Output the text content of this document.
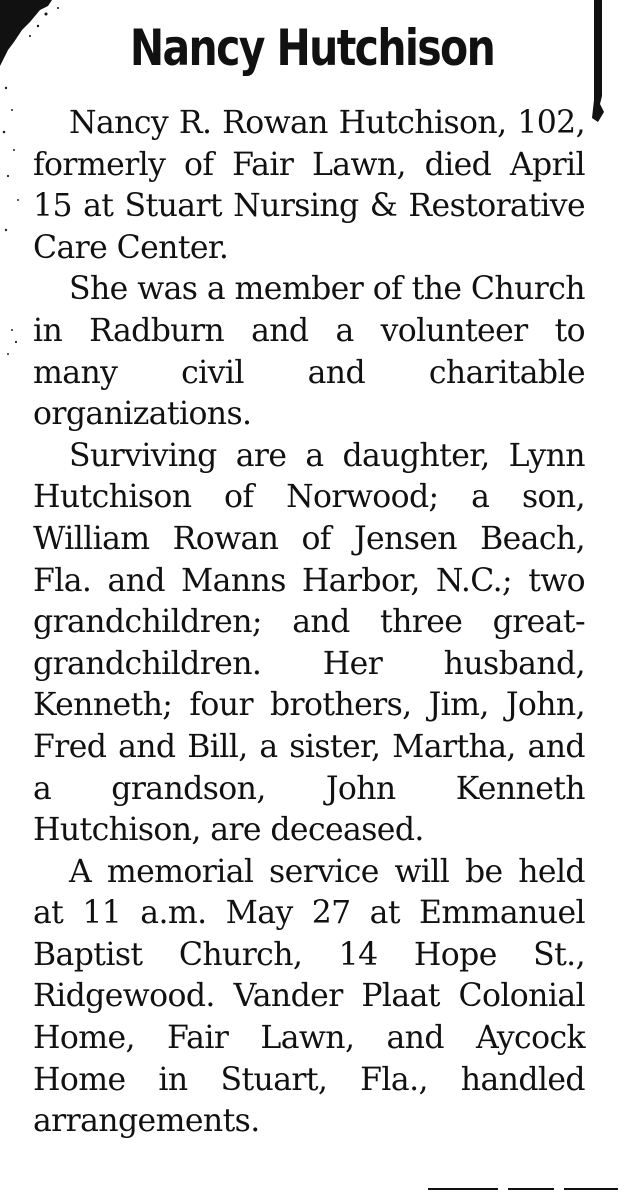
Nancy Hutchison

Nancy R. Rowan Hutchison, 102, formerly of Fair Lawn, died April 15 at Stuart Nursing & Restorative Care Center.

She was a member of the Church in Radburn and a volunteer to many civil and charitable organizations.

Surviving are a daughter, Lynn Hutchison of Norwood; a son, William Rowan of Jensen Beach, Fla. and Manns Harbor, N.C.; two grandchildren; and three great-grandchildren. Her husband, Kenneth; four brothers, Jim, John, Fred and Bill, a sister, Martha, and a grandson, John Kenneth Hutchison, are deceased.

A memorial service will be held at 11 a.m. May 27 at Emmanuel Baptist Church, 14 Hope St., Ridgewood. Vander Plaat Colonial Home, Fair Lawn, and Aycock Home in Stuart, Fla., handled arrangements.
